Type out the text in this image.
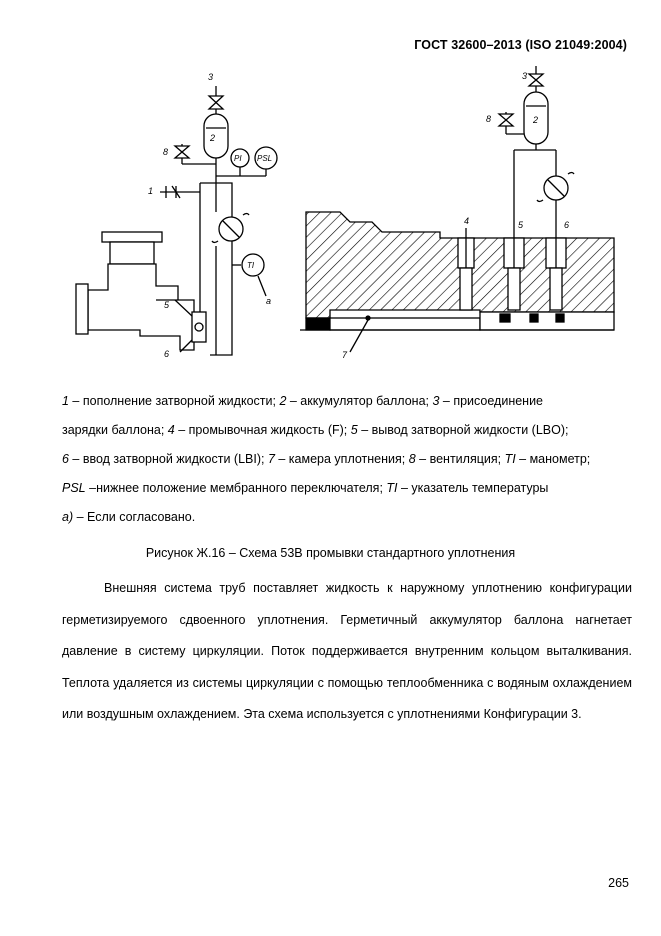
ГОСТ 32600–2013 (ISO 21049:2004)
3
2
8
PI PSL
1
TI
a
5
6
3
2
8
4	5	6
7

1 – пополнение затворной жидкости; 2 – аккумулятор баллона; 3 – присоединение

зарядки баллона; 4 – промывочная жидкость (F); 5 – вывод затворной жидкости (LBO);

6 – ввод затворной жидкости (LBI); 7 – камера уплотнения; 8 – вентиляция; TI – манометр;

PSL –нижнее положение мембранного переключателя; TI – указатель температуры

a) – Если согласовано.

Рисунок Ж.16 – Схема 53В промывки стандартного уплотнения

Внешняя система труб поставляет жидкость к наружному уплотнению конфигурации герметизируемого сдвоенного уплотнения. Герметичный аккумулятор баллона нагнетает давление в систему циркуляции. Поток поддерживается внутренним кольцом выталкивания. Теплота удаляется из системы циркуляции с помощью теплообменника с водяным охлаждением или воздушным охлаждением. Эта схема используется с уплотнениями Конфигурации 3.

265
